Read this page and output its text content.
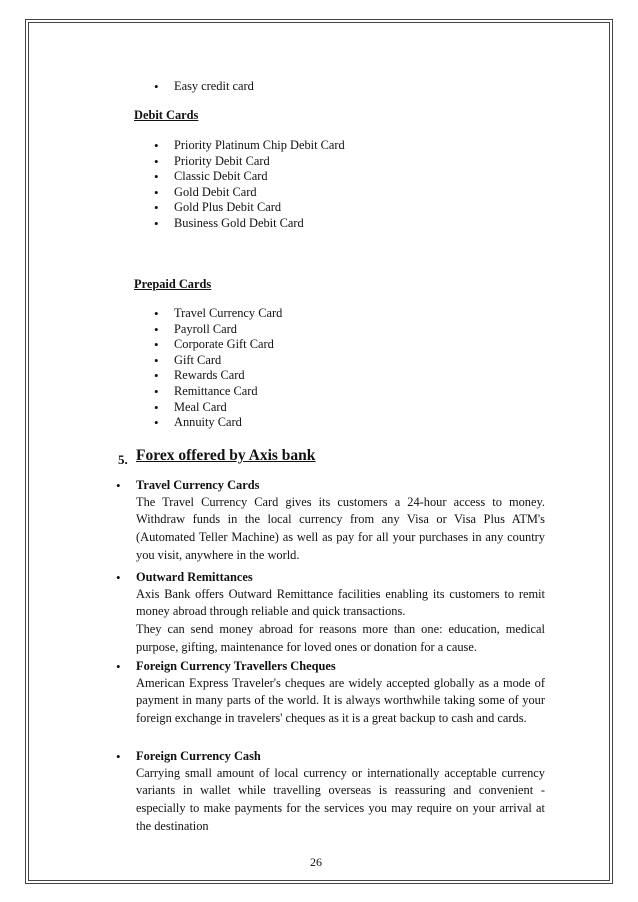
• Easy credit card
Debit Cards
• Priority Platinum Chip Debit Card
• Priority Debit Card
• Classic Debit Card
• Gold Debit Card
• Gold Plus Debit Card
• Business Gold Debit Card
Prepaid Cards
• Travel Currency Card
• Payroll Card
• Corporate Gift Card
• Gift Card
• Rewards Card
• Remittance Card
• Meal Card
• Annuity Card
5. Forex offered by Axis bank
• Travel Currency Cards
The Travel Currency Card gives its customers a 24-hour access to money. Withdraw funds in the local currency from any Visa or Visa Plus ATM's (Automated Teller Machine) as well as pay for all your purchases in any country you visit, anywhere in the world.
• Outward Remittances
Axis Bank offers Outward Remittance facilities enabling its customers to remit money abroad through reliable and quick transactions.
They can send money abroad for reasons more than one: education, medical purpose, gifting, maintenance for loved ones or donation for a cause.
• Foreign Currency Travellers Cheques
American Express Traveler's cheques are widely accepted globally as a mode of payment in many parts of the world. It is always worthwhile taking some of your foreign exchange in travelers' cheques as it is a great backup to cash and cards.
• Foreign Currency Cash
Carrying small amount of local currency or internationally acceptable currency variants in wallet while travelling overseas is reassuring and convenient - especially to make payments for the services you may require on your arrival at the destination
26
